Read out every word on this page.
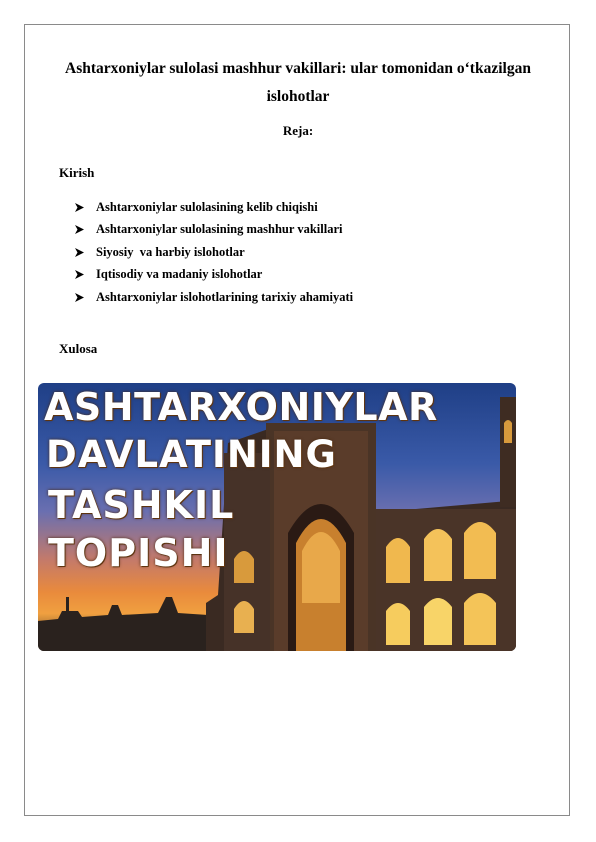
Ashtarxoniylar sulolasi mashhur vakillari: ular tomonidan o‘tkazilgan islohotlar
Reja:
Kirish
Ashtarxoniylar sulolasining kelib chiqishi
Ashtarxoniylar sulolasining mashhur vakillari
Siyosiy  va harbiy islohotlar
Iqtisodiy va madaniy islohotlar
Ashtarxoniylar islohotlarining tarixiy ahamiyati
Xulosa
ASHTARXONIYLAR
DAVLATINING
TASHKIL
TOPISHI
